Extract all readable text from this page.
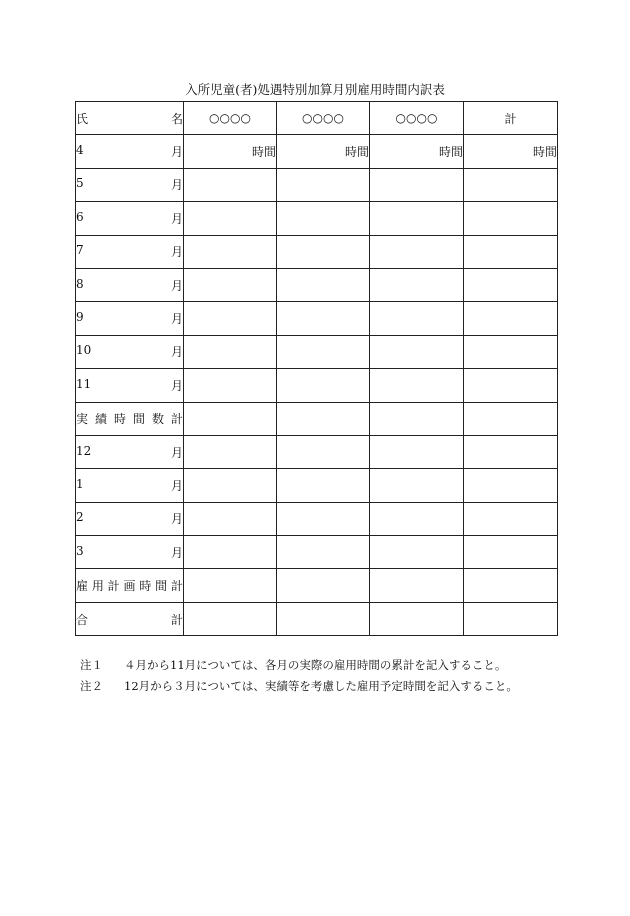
入所児童(者)処遇特別加算月別雇用時間内訳表
氏 名	○○○○	○○○○	○○○○	計

4 月	時間	時間	時間	時間

5 月				

6 月				

7 月				

8 月				

9 月				

10 月				

11 月				

実績時間数計				

12 月				

1 月				

2 月				

3 月				

雇用計画時間計				

合 計				

注１ ４月から11月については、各月の実際の雇用時間の累計を記入すること。
注２ 12月から３月については、実績等を考慮した雇用予定時間を記入すること。
